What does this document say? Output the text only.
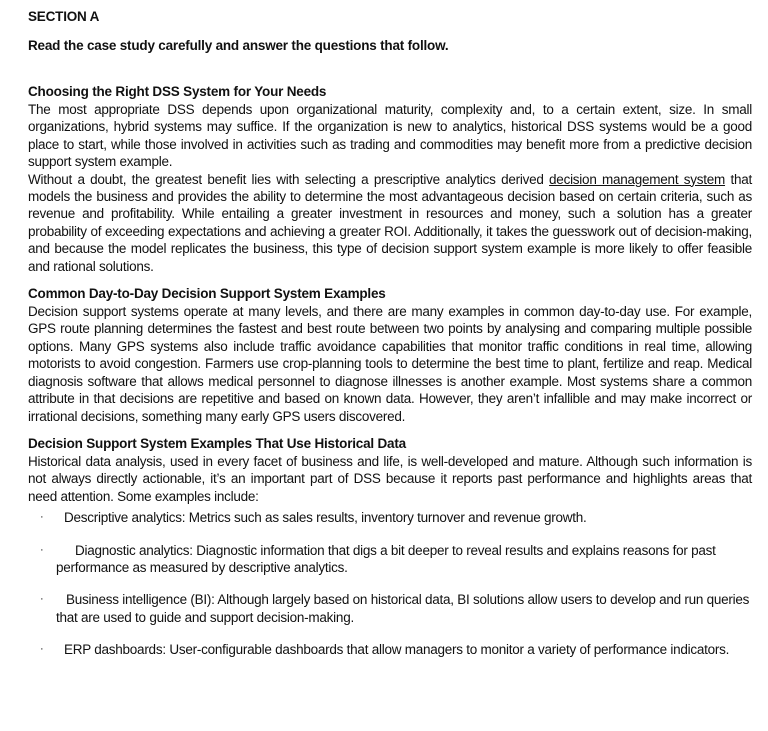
SECTION A

Read the case study carefully and answer the questions that follow.

Choosing the Right DSS System for Your Needs

The most appropriate DSS depends upon organizational maturity, complexity and, to a certain extent, size. In small organizations, hybrid systems may suffice. If the organization is new to analytics, historical DSS systems would be a good place to start, while those involved in activities such as trading and commodities may benefit more from a predictive decision support system example.

Without a doubt, the greatest benefit lies with selecting a prescriptive analytics derived decision management system that models the business and provides the ability to determine the most advantageous decision based on certain criteria, such as revenue and profitability. While entailing a greater investment in resources and money, such a solution has a greater probability of exceeding expectations and achieving a greater ROI. Additionally, it takes the guesswork out of decision-making, and because the model replicates the business, this type of decision support system example is more likely to offer feasible and rational solutions.

Common Day-to-Day Decision Support System Examples

Decision support systems operate at many levels, and there are many examples in common day-to-day use. For example, GPS route planning determines the fastest and best route between two points by analysing and comparing multiple possible options. Many GPS systems also include traffic avoidance capabilities that monitor traffic conditions in real time, allowing motorists to avoid congestion. Farmers use crop-planning tools to determine the best time to plant, fertilize and reap. Medical diagnosis software that allows medical personnel to diagnose illnesses is another example. Most systems share a common attribute in that decisions are repetitive and based on known data. However, they aren’t infallible and may make incorrect or irrational decisions, something many early GPS users discovered.

Decision Support System Examples That Use Historical Data

Historical data analysis, used in every facet of business and life, is well-developed and mature. Although such information is not always directly actionable, it’s an important part of DSS because it reports past performance and highlights areas that need attention. Some examples include:

· Descriptive analytics: Metrics such as sales results, inventory turnover and revenue growth.
· Diagnostic analytics: Diagnostic information that digs a bit deeper to reveal results and explains reasons for past performance as measured by descriptive analytics.
· Business intelligence (BI): Although largely based on historical data, BI solutions allow users to develop and run queries that are used to guide and support decision-making.
· ERP dashboards: User-configurable dashboards that allow managers to monitor a variety of performance indicators.
